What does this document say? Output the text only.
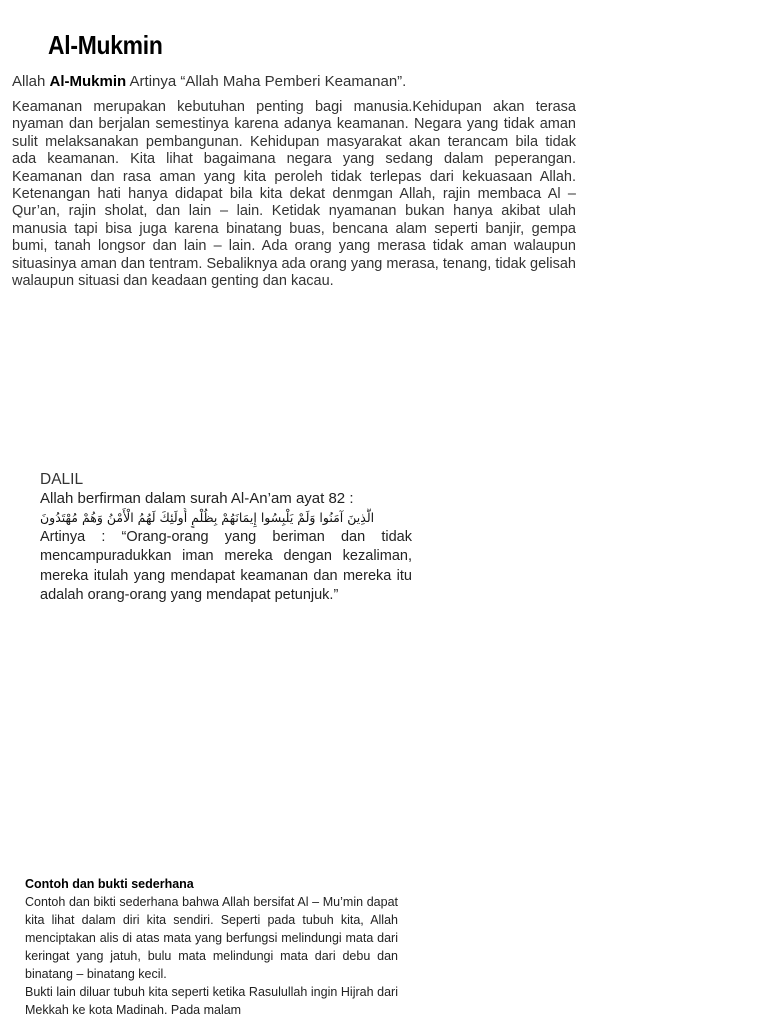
Al-Mukmin

Allah Al-Mukmin Artinya “Allah Maha Pemberi Keamanan”.

Keamanan merupakan kebutuhan penting bagi manusia.Kehidupan akan terasa nyaman dan berjalan semestinya karena adanya keamanan. Negara yang tidak aman sulit melaksanakan pembangunan. Kehidupan masyarakat akan terancam bila tidak ada keamanan. Kita lihat bagaimana negara yang sedang dalam peperangan. Keamanan dan rasa aman yang kita peroleh tidak terlepas dari kekuasaan Allah. Ketenangan hati hanya didapat bila kita dekat denmgan Allah, rajin membaca Al – Qur’an, rajin sholat, dan lain – lain. Ketidak nyamanan bukan hanya akibat ulah manusia tapi bisa juga karena binatang buas, bencana alam seperti banjir, gempa bumi, tanah longsor dan lain – lain. Ada orang yang merasa tidak aman walaupun situasinya aman dan tentram. Sebaliknya ada orang yang merasa, tenang, tidak gelisah walaupun situasi dan keadaan genting dan kacau.

DALIL

Allah berfirman dalam surah Al-An’am ayat 82 :

الَّذِينَ آمَنُوا وَلَمْ يَلْبِسُوا إِيمَانَهُمْ بِظُلْمٍ أُولَئِكَ لَهُمُ الْأَمْنُ وَهُمْ مُهْتَدُونَ

Artinya : “Orang-orang yang beriman dan tidak mencampuradukkan iman mereka dengan kezaliman, mereka itulah yang mendapat keamanan dan mereka itu adalah orang-orang yang mendapat petunjuk.”

Contoh dan bukti sederhana

Contoh dan bikti sederhana bahwa Allah bersifat Al – Mu’min dapat kita lihat dalam diri kita sendiri. Seperti pada tubuh kita, Allah menciptakan alis di atas mata yang berfungsi melindungi mata dari keringat yang jatuh, bulu mata melindungi mata dari debu dan binatang – binatang kecil.

Bukti lain diluar tubuh kita seperti ketika Rasulullah ingin Hijrah dari Mekkah ke kota Madinah. Pada malam
